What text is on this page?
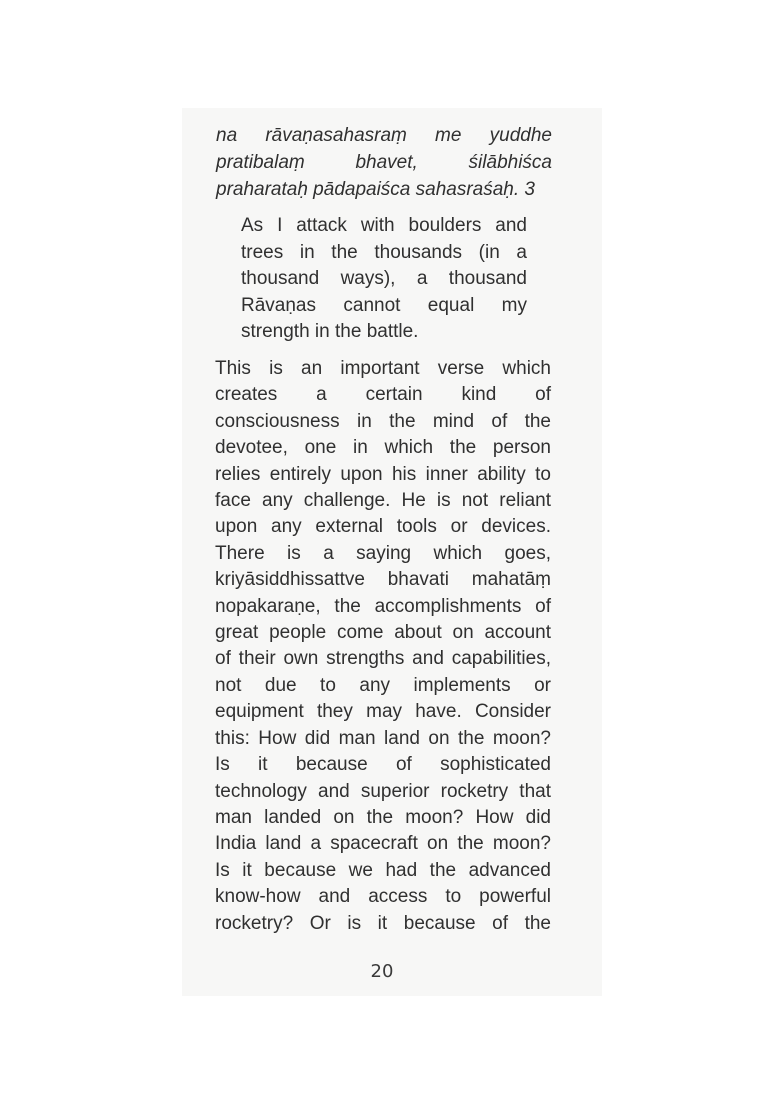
na rāvaṇasahasraṃ me yuddhe
pratibalaṃ bhavet, śilābhiśca
praharataḥ pādapaiśca sahasraśaḥ. 3
As I attack with boulders and
trees in the thousands (in a
thousand ways), a thousand
Rāvaṇas cannot equal my
strength in the battle.
This is an important verse which
creates a certain kind of
consciousness in the mind of the
devotee, one in which the person
relies entirely upon his inner ability to
face any challenge. He is not reliant
upon any external tools or devices.
There is a saying which goes,
kriyāsiddhissattve bhavati mahatāṃ
nopakaraṇe, the accomplishments of
great people come about on account
of their own strengths and capabilities,
not due to any implements or
equipment they may have. Consider
this: How did man land on the moon?
Is it because of sophisticated
technology and superior rocketry that
man landed on the moon? How did
India land a spacecraft on the moon?
Is it because we had the advanced
know-how and access to powerful
rocketry? Or is it because of the
20
